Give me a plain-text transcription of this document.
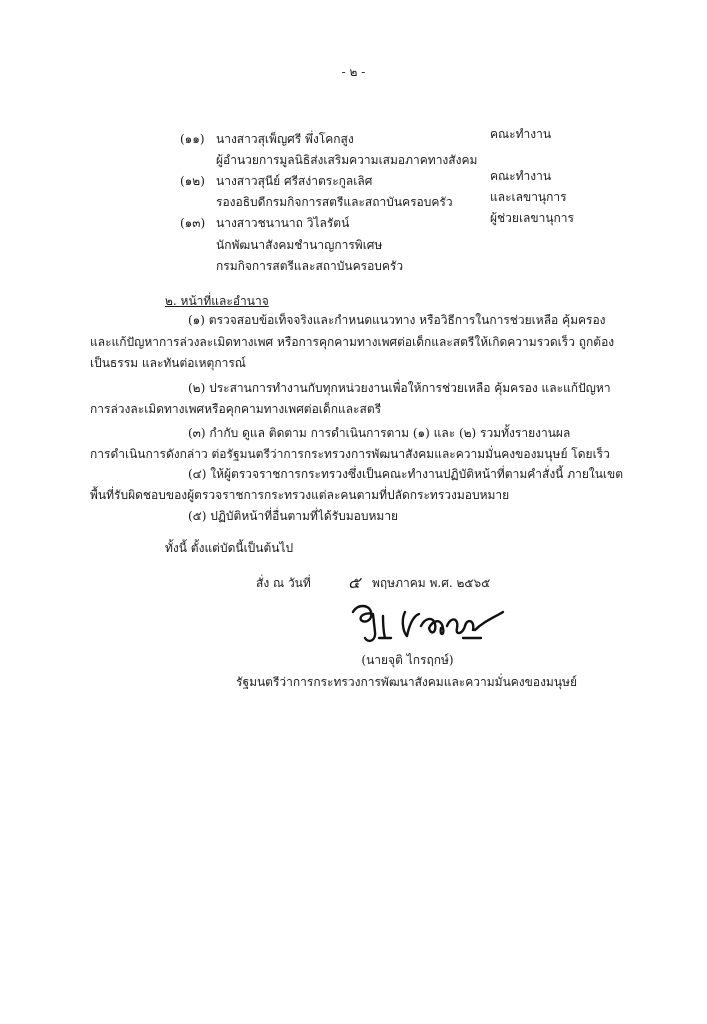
- ๒ -
(๑๑) นางสาวสุเพ็ญศรี พึ่งโคกสูง
ผู้อำนวยการมูลนิธิส่งเสริมความเสมอภาคทางสังคม
คณะทำงาน
(๑๒) นางสาวสุนีย์ ศรีสง่าตระกูลเลิศ
รองอธิบดีกรมกิจการสตรีและสถาบันครอบครัว
คณะทำงาน
และเลขานุการ
(๑๓) นางสาวชนานาถ วิไลรัตน์
นักพัฒนาสังคมชำนาญการพิเศษ
กรมกิจการสตรีและสถาบันครอบครัว
ผู้ช่วยเลขานุการ
๒. หน้าที่และอำนาจ
(๑) ตรวจสอบข้อเท็จจริงและกำหนดแนวทาง หรือวิธีการในการช่วยเหลือ คุ้มครอง
และแก้ปัญหาการล่วงละเมิดทางเพศ หรือการคุกคามทางเพศต่อเด็กและสตรีให้เกิดความรวดเร็ว ถูกต้อง
เป็นธรรม และทันต่อเหตุการณ์
(๒) ประสานการทำงานกับทุกหน่วยงานเพื่อให้การช่วยเหลือ คุ้มครอง และแก้ปัญหา
การล่วงละเมิดทางเพศหรือคุกคามทางเพศต่อเด็กและสตรี
(๓) กำกับ ดูแล ติดตาม การดำเนินการตาม (๑) และ (๒) รวมทั้งรายงานผล
การดำเนินการดังกล่าว ต่อรัฐมนตรีว่าการกระทรวงการพัฒนาสังคมและความมั่นคงของมนุษย์ โดยเร็ว
(๔) ให้ผู้ตรวจราชการกระทรวงซึ่งเป็นคณะทำงานปฏิบัติหน้าที่ตามคำสั่งนี้ ภายในเขต
พื้นที่รับผิดชอบของผู้ตรวจราชการกระทรวงแต่ละคนตามที่ปลัดกระทรวงมอบหมาย
(๕) ปฏิบัติหน้าที่อื่นตามที่ได้รับมอบหมาย
ทั้งนี้ ตั้งแต่บัดนี้เป็นต้นไป
สั่ง ณ วันที่ ๕ พฤษภาคม พ.ศ. ๒๕๖๕
(นายจุติ ไกรฤกษ์)
รัฐมนตรีว่าการกระทรวงการพัฒนาสังคมและความมั่นคงของมนุษย์
